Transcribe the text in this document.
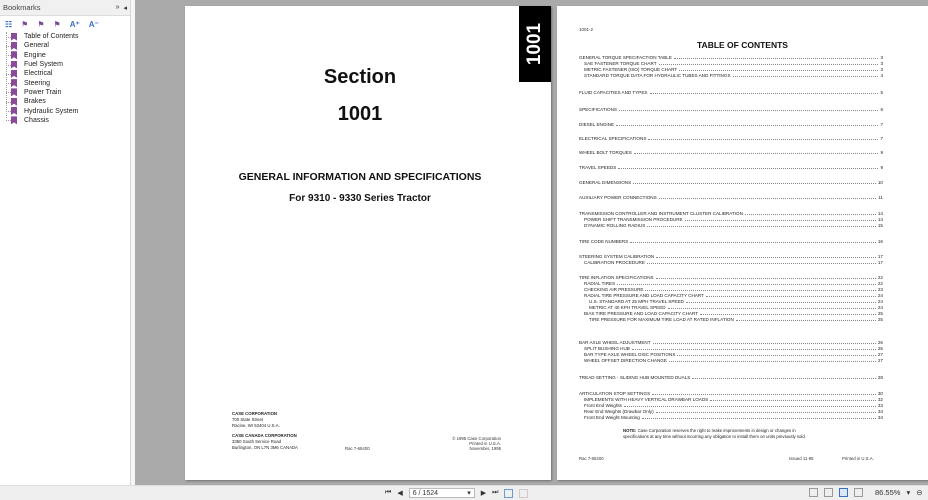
Bookmarks	» ◂
☷ ⚑ ⚑ ⚑ A⁺ A⁻
Table of Contents
General
Engine
Fuel System
Electrical
Steering
Power Train
Brakes
Hydraulic System
Chassis
1001
Section
1001
GENERAL INFORMATION AND SPECIFICATIONS
For 9310 - 9330 Series Tractor
CASE CORPORATION
700 State Street
Racine, WI 53404 U.S.A.
CASE CANADA CORPORATION
3350 South Service Road
Burlington, ON L7N 3M6 CANADA	Rac 7-65400
© 1995 Case Corporation
Printed in U.S.A.
November, 1995
1001-2
TABLE OF CONTENTS
GENERAL TORQUE SPECIFACTION TABLE	3
SAE FASTENER TORQUE CHART	3
METRIC FASTENER (ISO) TORQUE CHART	3
STANDARD TORQUE DATA FOR HYDRAULIC TUBES AND FITTINGS	4
FLUID CAPACITIES AND TYPES	5
SPECIFICATIONS	6
DIESEL ENGINE	7
ELECTRICAL SPECIFICATIONS	7
WHEEL BOLT TORQUES	9
TRAVEL SPEEDS	9
GENERAL DIMENSIONS	10
AUXILIARY POWER CONNECTIONS	11
TRANSMISSION CONTROLLER AND INSTRUMENT CLUSTER CALIBRATION	14
POWER SHIFT TRANSMISSION PROCEDURE	14
DYNAMIC ROLLING RADIUS	15
TIRE CODE NUMBERS	16
STEERING SYSTEM CALIBRATION	17
CALIBRATION PROCEDURE	17
TIRE INFLATION SPECIFICATIONS	22
RADIAL TIRES	22
CHECKING AIR PRESSURE	23
RADIAL TIRE PRESSURE AND LOAD CAPACITY CHART	24
U.S. STANDARD AT 25 MPH TRAVEL SPEED	24
METRIC AT 40 KPH TRAVEL SPEED	24
BIAS TIRE PRESSURE AND LOAD CAPACITY CHART	25
TIRE PRESSURE FOR MAXIMUM TIRE LOAD AT RATED INFLATION	25
BAR AXLE WHEEL ADJUSTMENT	26
SPLIT BUSHING HUB	26
BAR TYPE AXLE WHEEL DISC POSITIONS	27
WHEEL OFFSET DIRECTION CHANGE	27
TREAD SETTING - SLIDING HUB MOUNTED DUALS	28
ARTICULATION STOP SETTINGS	30
IMPLEMENTS WITH HEAVY VERTICAL DRAWBAR LOADS	32
Front End Weights	33
Rear End Weights (Drawbar Only)	34
Front End Weight Mounting	34
NOTE: Case Corporation reserves the right to make improvements in design or changes in specifications at any time without incurring any obligation to install them on units previously sold.
Rac 7-65400	Issued 11-95	Printed in U.S.A.
⏮ ◀ 6 / 1524	▾ ▶ ⏭	86.55% ▾ ⊖
